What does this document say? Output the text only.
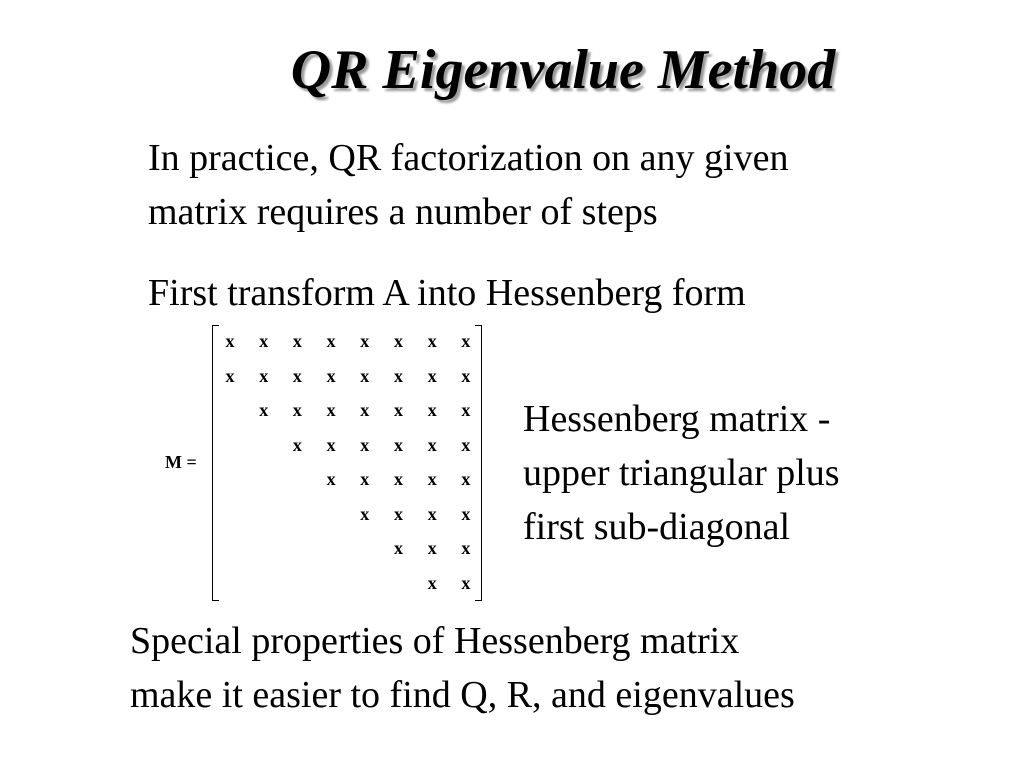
QR Eigenvalue Method
In practice, QR factorization on any given
matrix requires a number of steps
First transform A into Hessenberg form
M =
x x x x x x x x
x x x x x x x x
x x x x x x x
x x x x x x
x x x x x
x x x x
x x x
x x
Hessenberg matrix -
upper triangular plus
first sub-diagonal
Special properties of Hessenberg matrix
make it easier to find Q, R, and eigenvalues
